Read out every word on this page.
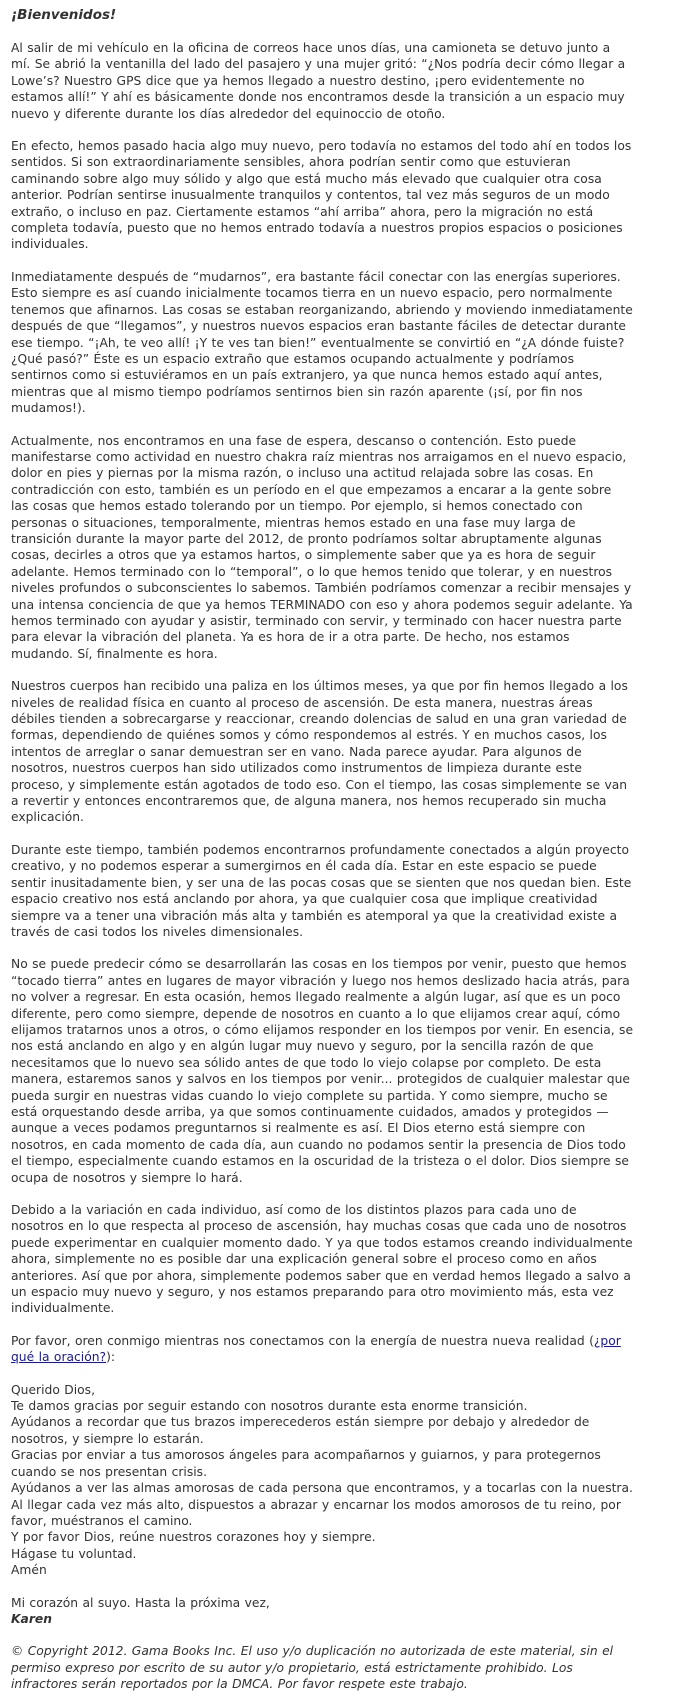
¡Bienvenidos!

Al salir de mi vehículo en la oficina de correos hace unos días, una camioneta se detuvo junto a mí. Se abrió la ventanilla del lado del pasajero y una mujer gritó: “¿Nos podría decir cómo llegar a Lowe’s? Nuestro GPS dice que ya hemos llegado a nuestro destino, ¡pero evidentemente no estamos allí!” Y ahí es básicamente donde nos encontramos desde la transición a un espacio muy nuevo y diferente durante los días alrededor del equinoccio de otoño.

En efecto, hemos pasado hacia algo muy nuevo, pero todavía no estamos del todo ahí en todos los sentidos. Si son extraordinariamente sensibles, ahora podrían sentir como que estuvieran caminando sobre algo muy sólido y algo que está mucho más elevado que cualquier otra cosa anterior. Podrían sentirse inusualmente tranquilos y contentos, tal vez más seguros de un modo extraño, o incluso en paz. Ciertamente estamos “ahí arriba” ahora, pero la migración no está completa todavía, puesto que no hemos entrado todavía a nuestros propios espacios o posiciones individuales.

Inmediatamente después de “mudarnos”, era bastante fácil conectar con las energías superiores. Esto siempre es así cuando inicialmente tocamos tierra en un nuevo espacio, pero normalmente tenemos que afinarnos. Las cosas se estaban reorganizando, abriendo y moviendo inmediatamente después de que “llegamos”, y nuestros nuevos espacios eran bastante fáciles de detectar durante ese tiempo. “¡Ah, te veo allí! ¡Y te ves tan bien!” eventualmente se convirtió en “¿A dónde fuiste? ¿Qué pasó?” Éste es un espacio extraño que estamos ocupando actualmente y podríamos sentirnos como si estuviéramos en un país extranjero, ya que nunca hemos estado aquí antes, mientras que al mismo tiempo podríamos sentirnos bien sin razón aparente (¡sí, por fin nos mudamos!).

Actualmente, nos encontramos en una fase de espera, descanso o contención. Esto puede manifestarse como actividad en nuestro chakra raíz mientras nos arraigamos en el nuevo espacio, dolor en pies y piernas por la misma razón, o incluso una actitud relajada sobre las cosas. En contradicción con esto, también es un período en el que empezamos a encarar a la gente sobre las cosas que hemos estado tolerando por un tiempo. Por ejemplo, si hemos conectado con personas o situaciones, temporalmente, mientras hemos estado en una fase muy larga de transición durante la mayor parte del 2012, de pronto podríamos soltar abruptamente algunas cosas, decirles a otros que ya estamos hartos, o simplemente saber que ya es hora de seguir adelante. Hemos terminado con lo “temporal”, o lo que hemos tenido que tolerar, y en nuestros niveles profundos o subconscientes lo sabemos. También podríamos comenzar a recibir mensajes y una intensa conciencia de que ya hemos TERMINADO con eso y ahora podemos seguir adelante. Ya hemos terminado con ayudar y asistir, terminado con servir, y terminado con hacer nuestra parte para elevar la vibración del planeta. Ya es hora de ir a otra parte. De hecho, nos estamos mudando. Sí, finalmente es hora.

Nuestros cuerpos han recibido una paliza en los últimos meses, ya que por fin hemos llegado a los niveles de realidad física en cuanto al proceso de ascensión. De esta manera, nuestras áreas débiles tienden a sobrecargarse y reaccionar, creando dolencias de salud en una gran variedad de formas, dependiendo de quiénes somos y cómo respondemos al estrés. Y en muchos casos, los intentos de arreglar o sanar demuestran ser en vano. Nada parece ayudar. Para algunos de nosotros, nuestros cuerpos han sido utilizados como instrumentos de limpieza durante este proceso, y simplemente están agotados de todo eso. Con el tiempo, las cosas simplemente se van a revertir y entonces encontraremos que, de alguna manera, nos hemos recuperado sin mucha explicación.

Durante este tiempo, también podemos encontrarnos profundamente conectados a algún proyecto creativo, y no podemos esperar a sumergirnos en él cada día. Estar en este espacio se puede sentir inusitadamente bien, y ser una de las pocas cosas que se sienten que nos quedan bien. Este espacio creativo nos está anclando por ahora, ya que cualquier cosa que implique creatividad siempre va a tener una vibración más alta y también es atemporal ya que la creatividad existe a través de casi todos los niveles dimensionales.

No se puede predecir cómo se desarrollarán las cosas en los tiempos por venir, puesto que hemos “tocado tierra” antes en lugares de mayor vibración y luego nos hemos deslizado hacia atrás, para no volver a regresar. En esta ocasión, hemos llegado realmente a algún lugar, así que es un poco diferente, pero como siempre, depende de nosotros en cuanto a lo que elijamos crear aquí, cómo elijamos tratarnos unos a otros, o cómo elijamos responder en los tiempos por venir. En esencia, se nos está anclando en algo y en algún lugar muy nuevo y seguro, por la sencilla razón de que necesitamos que lo nuevo sea sólido antes de que todo lo viejo colapse por completo. De esta manera, estaremos sanos y salvos en los tiempos por venir... protegidos de cualquier malestar que pueda surgir en nuestras vidas cuando lo viejo complete su partida. Y como siempre, mucho se está orquestando desde arriba, ya que somos continuamente cuidados, amados y protegidos — aunque a veces podamos preguntarnos si realmente es así. El Dios eterno está siempre con nosotros, en cada momento de cada día, aun cuando no podamos sentir la presencia de Dios todo el tiempo, especialmente cuando estamos en la oscuridad de la tristeza o el dolor. Dios siempre se ocupa de nosotros y siempre lo hará.

Debido a la variación en cada individuo, así como de los distintos plazos para cada uno de nosotros en lo que respecta al proceso de ascensión, hay muchas cosas que cada uno de nosotros puede experimentar en cualquier momento dado. Y ya que todos estamos creando individualmente ahora, simplemente no es posible dar una explicación general sobre el proceso como en años anteriores. Así que por ahora, simplemente podemos saber que en verdad hemos llegado a salvo a un espacio muy nuevo y seguro, y nos estamos preparando para otro movimiento más, esta vez individualmente.

Por favor, oren conmigo mientras nos conectamos con la energía de nuestra nueva realidad (¿por qué la oración?):

Querido Dios,

Te damos gracias por seguir estando con nosotros durante esta enorme transición.

Ayúdanos a recordar que tus brazos imperecederos están siempre por debajo y alrededor de nosotros, y siempre lo estarán.

Gracias por enviar a tus amorosos ángeles para acompañarnos y guiarnos, y para protegernos cuando se nos presentan crisis.

Ayúdanos a ver las almas amorosas de cada persona que encontramos, y a tocarlas con la nuestra.

Al llegar cada vez más alto, dispuestos a abrazar y encarnar los modos amorosos de tu reino, por favor, muéstranos el camino.

Y por favor Dios, reúne nuestros corazones hoy y siempre.

Hágase tu voluntad.

Amén

Mi corazón al suyo. Hasta la próxima vez,

Karen

© Copyright 2012. Gama Books Inc. El uso y/o duplicación no autorizada de este material, sin el permiso expreso por escrito de su autor y/o propietario, está estrictamente prohibido. Los infractores serán reportados por la DMCA. Por favor respete este trabajo.
